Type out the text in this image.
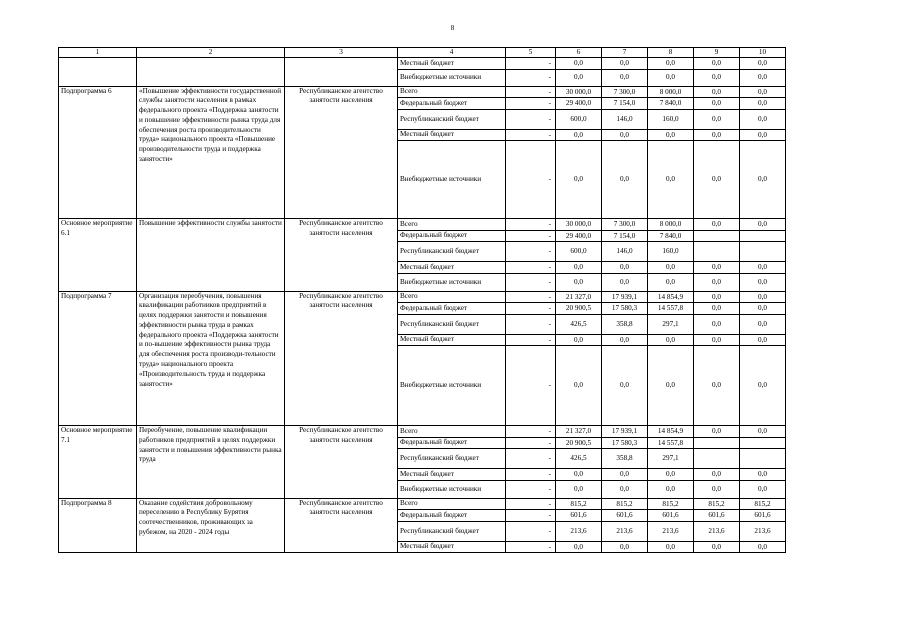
8
1	2	3	4	5	6	7	8	9	10
			Местный бюджет	-	0,0	0,0	0,0	0,0	0,0
			Внебюджетные источники	-	0,0	0,0	0,0	0,0	0,0
Подпрограмма 6	«Повышение эффективности государственной службы занятости населения в рамках федерального проекта «Поддержка занятости и повышение эффективности рынка труда для обеспечения роста производительности труда» национального проекта «Повышение производительности труда и поддержка занятости»	Республиканское агентство занятости населения	Всего	-	30 000,0	7 300,0	8 000,0	0,0	0,0
			Федеральный бюджет	-	29 400,0	7 154,0	7 840,0	0,0	0,0
			Республиканский бюджет	-	600,0	146,0	160,0	0,0	0,0
			Местный бюджет	-	0,0	0,0	0,0	0,0	0,0
			Внебюджетные источники	-	0,0	0,0	0,0	0,0	0,0
Основное мероприятие 6.1	Повышение эффективности службы занятости	Республиканское агентство занятости населения	Всего	-	30 000,0	7 300,0	8 000,0	0,0	0,0
			Федеральный бюджет	-	29 400,0	7 154,0	7 840,0		
			Республиканский бюджет	-	600,0	146,0	160,0		
			Местный бюджет	-	0,0	0,0	0,0	0,0	0,0
			Внебюджетные источники	-	0,0	0,0	0,0	0,0	0,0
Подпрограмма 7	Организация переобучения, повышения квалификации работников предприятий в целях поддержки занятости и повышения эффективности рынка труда в рамках федерального проекта «Поддержка занятости и по-вышение эффективности рынка труда для обеспечения роста производи-тельности труда» национального проекта «Производительность труда и поддержка занятости»	Республиканское агентство занятости населения	Всего	-	21 327,0	17 939,1	14 854,9	0,0	0,0
			Федеральный бюджет	-	20 900,5	17 580,3	14 557,8	0,0	0,0
			Республиканский бюджет	-	426,5	358,8	297,1	0,0	0,0
			Местный бюджет	-	0,0	0,0	0,0	0,0	0,0
			Внебюджетные источники	-	0,0	0,0	0,0	0,0	0,0
Основное мероприятие 7.1	Переобучение, повышение квалификации работников предприятий в целях поддержки занятости и повышения эффективности рынка труда	Республиканское агентство занятости населения	Всего	-	21 327,0	17 939,1	14 854,9	0,0	0,0
			Федеральный бюджет	-	20 900,5	17 580,3	14 557,8		
			Республиканский бюджет	-	426,5	358,8	297,1		
			Местный бюджет	-	0,0	0,0	0,0	0,0	0,0
			Внебюджетные источники	-	0,0	0,0	0,0	0,0	0,0
Подпрограмма 8	Оказание содействия добровольному переселению в Республику Бурятия соотечественников, проживающих за рубежом, на 2020 - 2024 годы	Республиканское агентство занятости населения	Всего	-	815,2	815,2	815,2	815,2	815,2
			Федеральный бюджет	-	601,6	601,6	601,6	601,6	601,6
			Республиканский бюджет	-	213,6	213,6	213,6	213,6	213,6
			Местный бюджет	-	0,0	0,0	0,0	0,0	0,0
